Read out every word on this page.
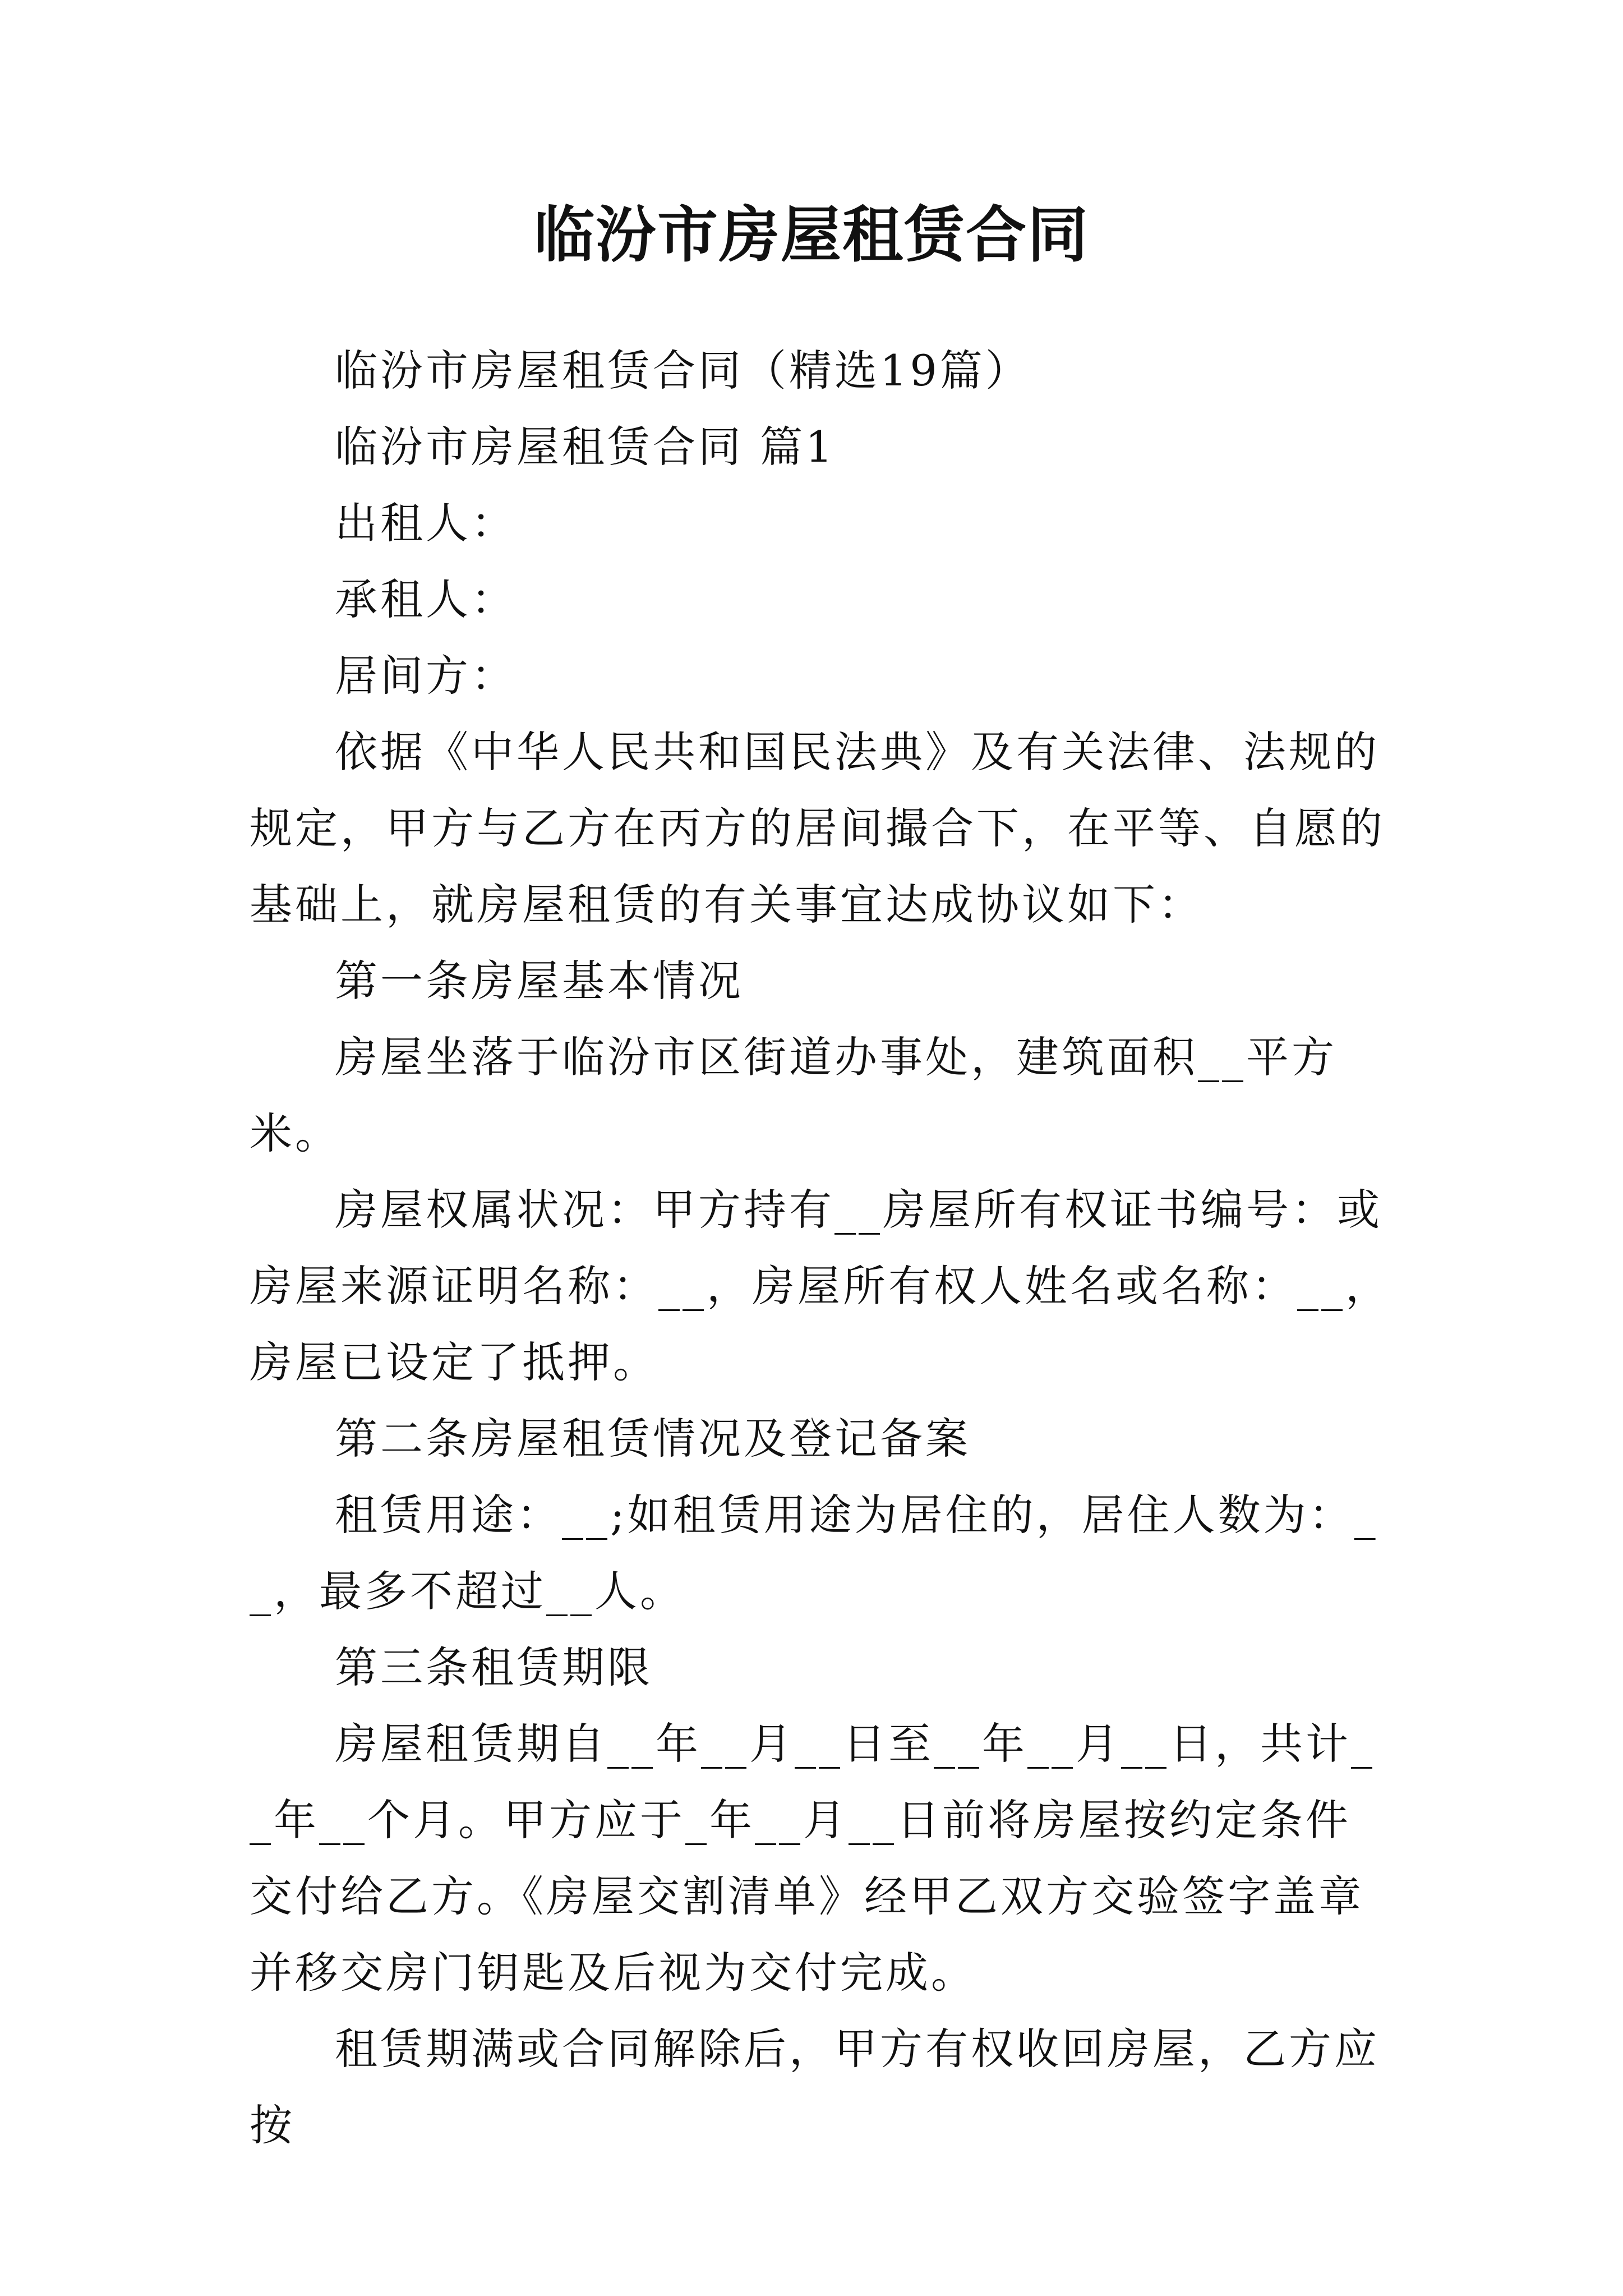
临汾市房屋租赁合同

临汾市房屋租赁合同（精选19篇）

临汾市房屋租赁合同 篇1

出租人：

承租人：

居间方：

依据《中华人民共和国民法典》及有关法律、法规的规定，甲方与乙方在丙方的居间撮合下，在平等、自愿的基础上，就房屋租赁的有关事宜达成协议如下：

第一条房屋基本情况

房屋坐落于临汾市区街道办事处，建筑面积__平方米。

房屋权属状况：甲方持有__房屋所有权证书编号：或房屋来源证明名称：__，房屋所有权人姓名或名称：__，房屋已设定了抵押。

第二条房屋租赁情况及登记备案

租赁用途：__;如租赁用途为居住的，居住人数为：__，最多不超过__人。

第三条租赁期限

房屋租赁期自__年__月__日至__年__月__日，共计__年__个月。甲方应于_年__月__日前将房屋按约定条件交付给乙方。《房屋交割清单》经甲乙双方交验签字盖章并移交房门钥匙及后视为交付完成。

租赁期满或合同解除后，甲方有权收回房屋，乙方应按
